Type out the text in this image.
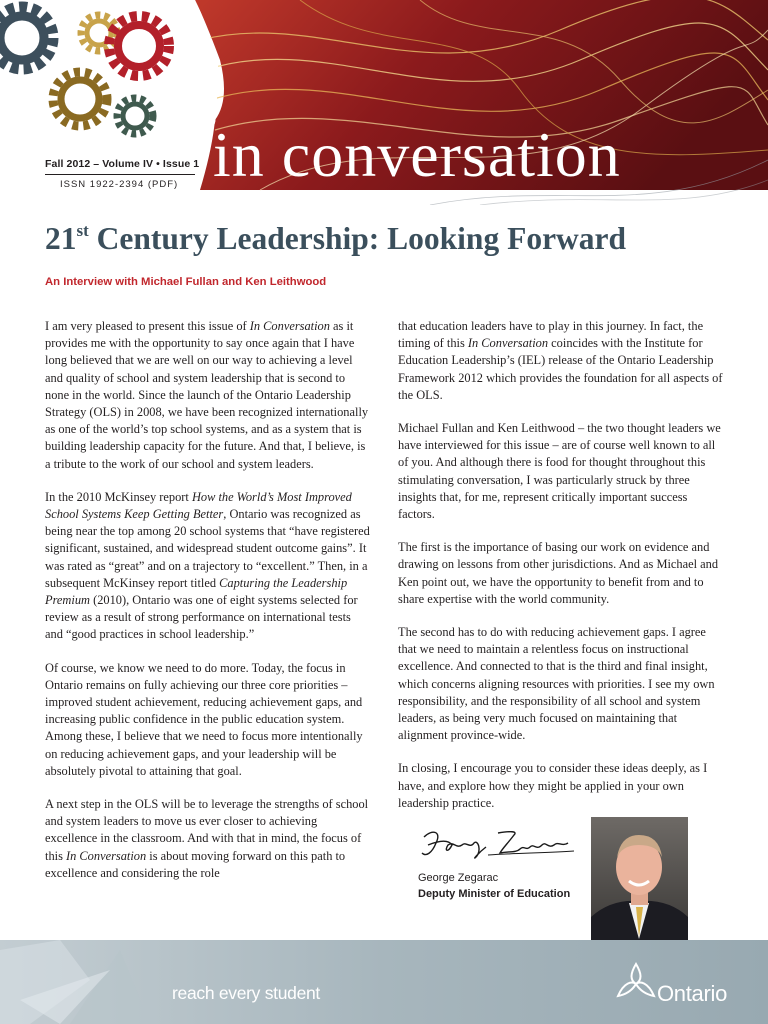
Fall 2012 – Volume IV • Issue 1
ISSN 1922-2394 (PDF) in conversation
21st Century Leadership: Looking Forward
An Interview with Michael Fullan and Ken Leithwood

I am very pleased to present this issue of In Conversation as it provides me with the opportunity to say once again that I have long believed that we are well on our way to achieving a level and quality of school and system leadership that is second to none in the world. Since the launch of the Ontario Leadership Strategy (OLS) in 2008, we have been recognized internationally as one of the world’s top school systems, and as a system that is building leadership capacity for the future. And that, I believe, is a tribute to the work of our school and system leaders.

In the 2010 McKinsey report How the World’s Most Improved School Systems Keep Getting Better, Ontario was recognized as being near the top among 20 school systems that “have registered significant, sustained, and widespread student outcome gains”. It was rated as “great” and on a trajectory to “excellent.” Then, in a subsequent McKinsey report titled Capturing the Leadership Premium (2010), Ontario was one of eight systems selected for review as a result of strong performance on international tests and “good practices in school leadership.”

Of course, we know we need to do more. Today, the focus in Ontario remains on fully achieving our three core priorities – improved student achievement, reducing achievement gaps, and increasing public confidence in the public education system. Among these, I believe that we need to focus more intentionally on reducing achievement gaps, and your leadership will be absolutely pivotal to attaining that goal.

A next step in the OLS will be to leverage the strengths of school and system leaders to move us ever closer to achieving excellence in the classroom. And with that in mind, the focus of this In Conversation is about moving forward on this path to excellence and considering the role

that education leaders have to play in this journey. In fact, the timing of this In Conversation coincides with the Institute for Education Leadership’s (IEL) release of the Ontario Leadership Framework 2012 which provides the foundation for all aspects of the OLS.

Michael Fullan and Ken Leithwood – the two thought leaders we have interviewed for this issue – are of course well known to all of you. And although there is food for thought throughout this stimulating conversation, I was particularly struck by three insights that, for me, represent critically important success factors.

The first is the importance of basing our work on evidence and drawing on lessons from other jurisdictions. And as Michael and Ken point out, we have the opportunity to benefit from and to share expertise with the world community.

The second has to do with reducing achievement gaps. I agree that we need to maintain a relentless focus on instructional excellence. And connected to that is the third and final insight, which concerns aligning resources with priorities. I see my own responsibility, and the responsibility of all school and system leaders, as being very much focused on maintaining that alignment province-wide.

In closing, I encourage you to consider these ideas deeply, as I have, and explore how they might be applied in your own leadership practice.

George Zegarac
Deputy Minister of Education
reach every student	Ontario
